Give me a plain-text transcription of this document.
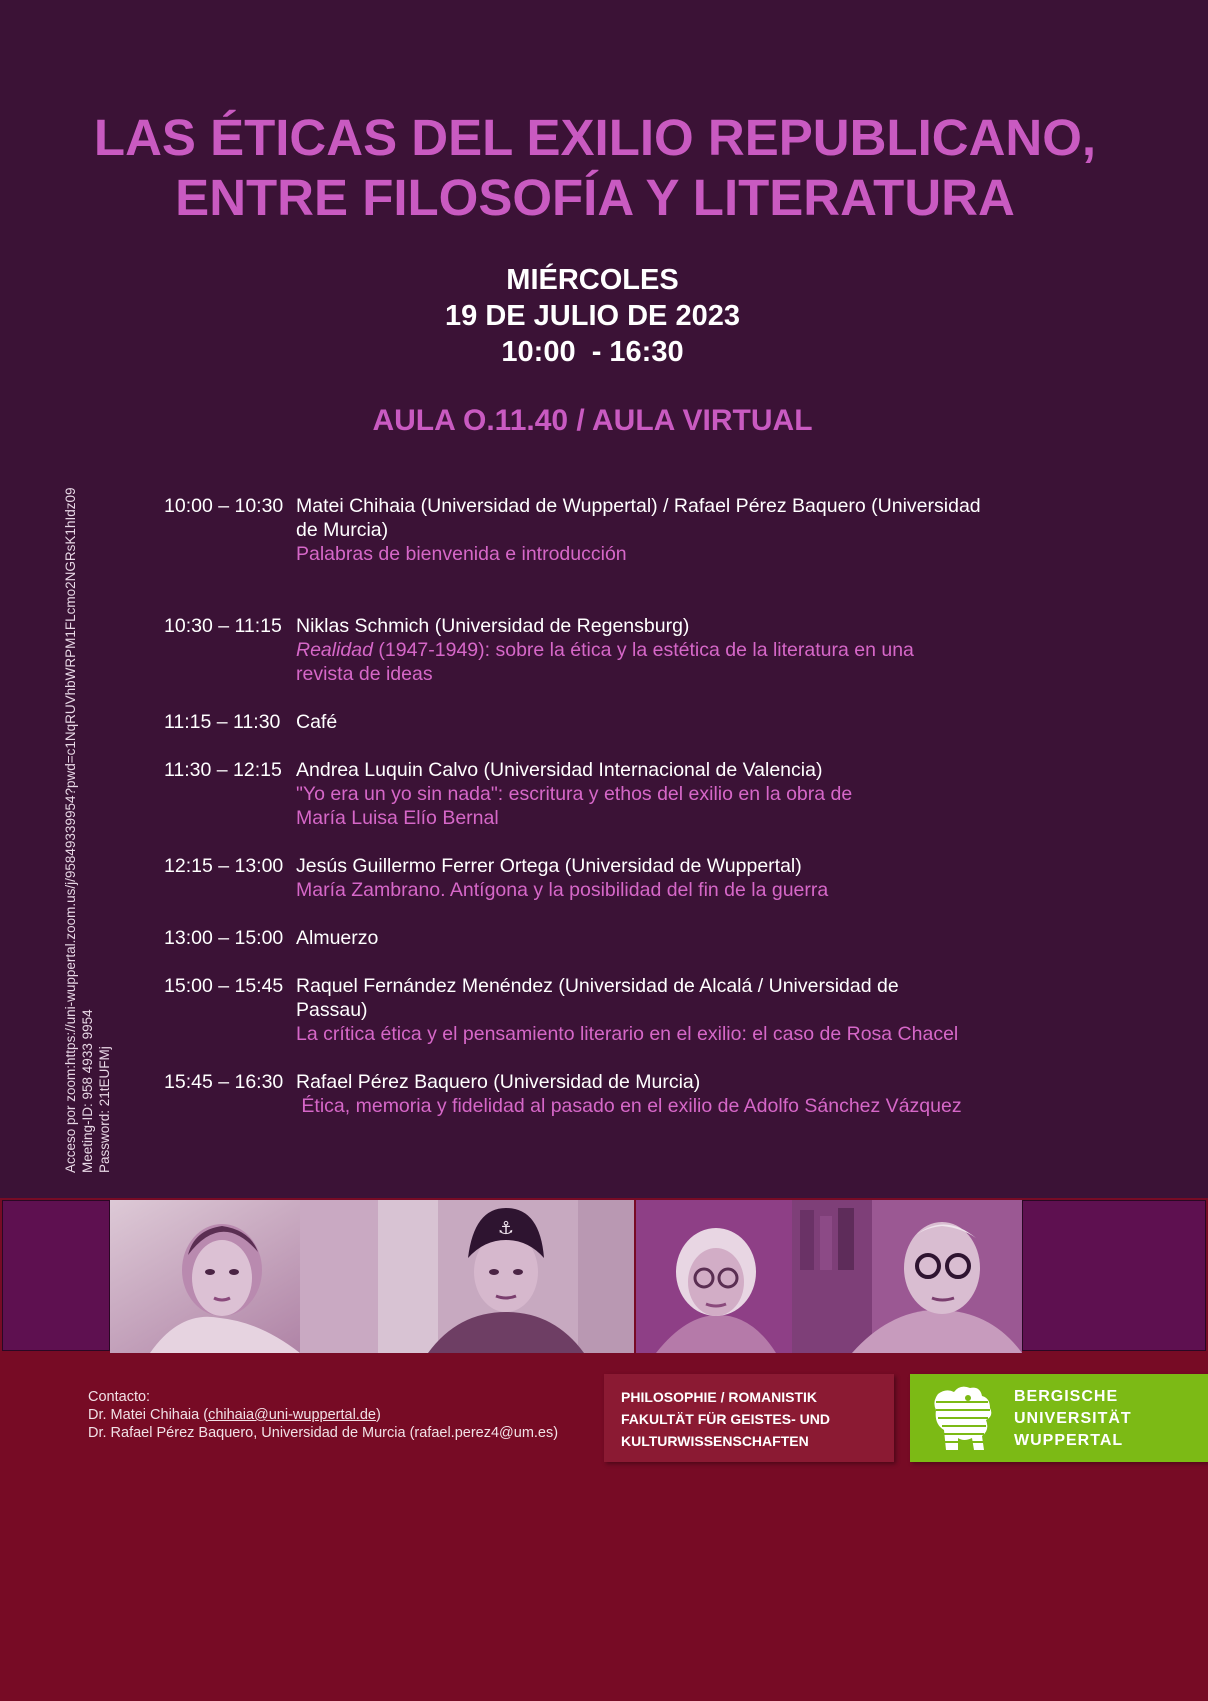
LAS ÉTICAS DEL EXILIO REPUBLICANO,
ENTRE FILOSOFÍA Y LITERATURA
MIÉRCOLES
19 DE JULIO DE 2023
10:00  - 16:30
AULA O.11.40 / AULA VIRTUAL
10:00 – 10:30 Matei Chihaia (Universidad de Wuppertal) / Rafael Pérez Baquero (Universidad de Murcia)
Palabras de bienvenida e introducción
10:30 – 11:15 Niklas Schmich (Universidad de Regensburg)
Realidad (1947-1949): sobre la ética y la estética de la literatura en una revista de ideas
11:15 – 11:30 Café
11:30 – 12:15 Andrea Luquin Calvo (Universidad Internacional de Valencia)
"Yo era un yo sin nada": escritura y ethos del exilio en la obra de María Luisa Elío Bernal
12:15 – 13:00 Jesús Guillermo Ferrer Ortega (Universidad de Wuppertal)
María Zambrano. Antígona y la posibilidad del fin de la guerra
13:00 – 15:00 Almuerzo
15:00 – 15:45 Raquel Fernández Menéndez (Universidad de Alcalá / Universidad de Passau)
La crítica ética y el pensamiento literario en el exilio: el caso de Rosa Chacel
15:45 – 16:30 Rafael Pérez Baquero (Universidad de Murcia)
Ética, memoria y fidelidad al pasado en el exilio de Adolfo Sánchez Vázquez
Acceso por zoom:https://uni-wuppertal.zoom.us/j/95849339954?pwd=c1NqRUVhbWRPM1FLcmo2NGRsK1hIdz09 Meeting-ID: 958 4933 9954 Password: 21tEUFMj
⚓
Contacto:
Dr. Matei Chihaia (chihaia@uni-wuppertal.de)
Dr. Rafael Pérez Baquero, Universidad de Murcia (rafael.perez4@um.es)
PHILOSOPHIE / ROMANISTIK
FAKULTÄT FÜR GEISTES- UND
KULTURWISSENSCHAFTEN
BERGISCHE
UNIVERSITÄT
WUPPERTAL
